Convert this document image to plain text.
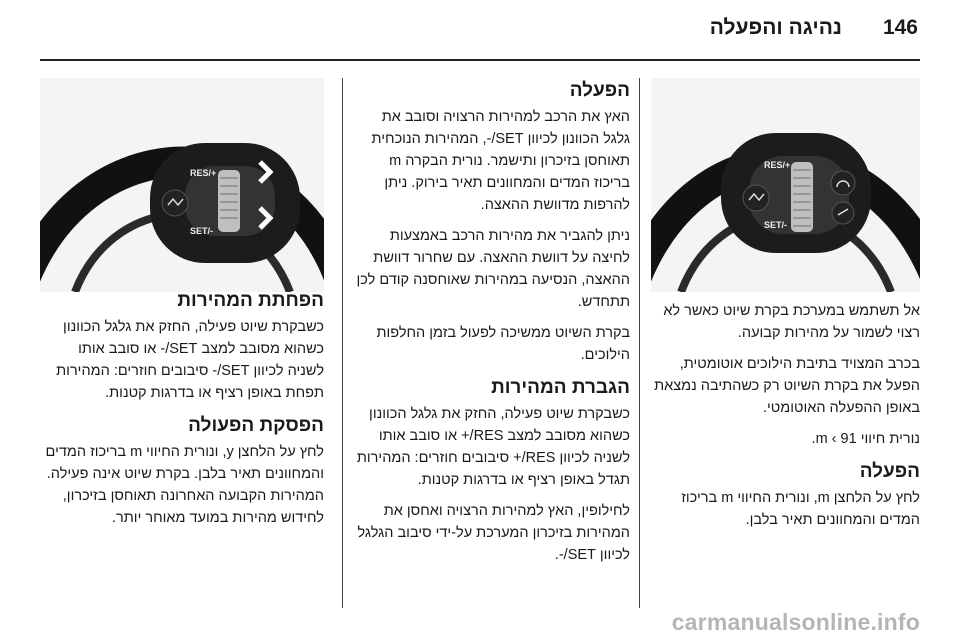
146
נהיגה והפעלה
RES/+
SET/-

אל תשתמש במערכת בקרת שיוט כאשר לא רצוי לשמור על מהירות קבועה.

בכרב המצויד בתיבת הילוכים אוטומטית, הפעל את בקרת השיוט רק כשהתיבה נמצאת באופן ההפעלה האוטומטי.

נורית חיווי m ‹ 91.

הפעלה

לחץ על הלחצן m, ונורית החיווי m בריכוז המדים והמחוונים תאיר בלבן.

הפעלה

האץ את הרכב למהירות הרצויה וסובב את גלגל הכוונון לכיוון SET/-, המהירות הנוכחית תאוחסן בזיכרון ותישמר. נורית הבקרה m בריכוז המדים והמחוונים תאיר בירוק. ניתן להרפות מדוושת ההאצה.

ניתן להגביר את מהירות הרכב באמצעות לחיצה על דוושת ההאצה. עם שחרור דוושת ההאצה, הנסיעה במהירות שאוחסנה קודם לכן תתחדש.

בקרת השיוט ממשיכה לפעול בזמן החלפות הילוכים.

הגברת המהירות

כשבקרת שיוט פעילה, החזק את גלגל הכוונון כשהוא מסובב למצב RES/+ או סובב אותו לשניה לכיוון RES/+ סיבובים חוזרים: המהירות תגדל באופן רציף או בדרגות קטנות.

לחילופין, האץ למהירות הרצויה ואחסן את המהירות בזיכרון המערכת על-ידי סיבוב הגלגל לכיוון SET/-.

RES/+
SET/-
הפחתת המהירות

כשבקרת שיוט פעילה, החזק את גלגל הכוונון כשהוא מסובב למצב SET/- או סובב אותו לשניה לכיוון SET/- סיבובים חוזרים: המהירות תפחת באופן רציף או בדרגות קטנות.

הפסקת הפעולה

לחץ על הלחצן y, ונורית החיווי m בריכוז המדים והמחוונים תאיר בלבן. בקרת שיוט אינה פעילה. המהירות הקבועה האחרונה תאוחסן בזיכרון, לחידוש מהירות במועד מאוחר יותר.

carmanualsonline.info
